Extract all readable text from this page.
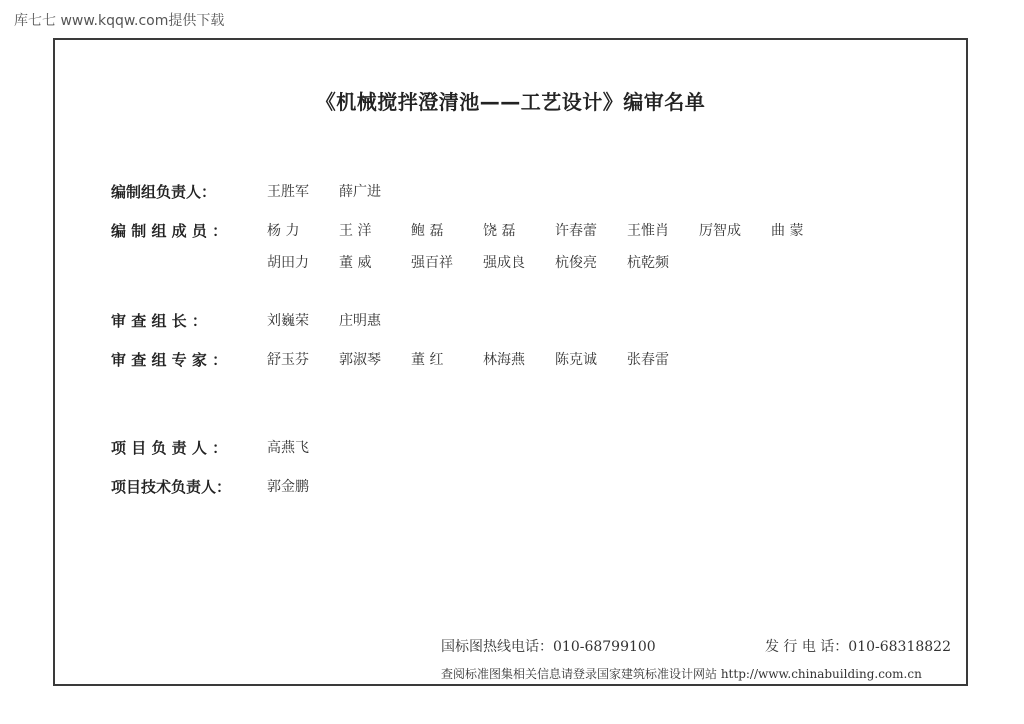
库七七 www.kqqw.com提供下载
《机械搅拌澄清池——工艺设计》编审名单
编制组负责人：	王胜军	薛广进
编 制 组 成 员 ：	杨 力	王 洋	鲍 磊	饶 磊	许春蕾	王惟肖	厉智成	曲 蒙
胡田力	董 威	强百祥	强成良	杭俊亮	杭乾频
审 查 组 长 ：	刘巍荣	庄明惠
审 查 组 专 家 ：	舒玉芬	郭淑琴	董 红	林海燕	陈克诚	张春雷
项 目 负 责 人 ：	高燕飞
项目技术负责人：	郭金鹏
国标图热线电话：010-68799100	发 行 电 话：010-68318822
查阅标准图集相关信息请登录国家建筑标准设计网站 http://www.chinabuilding.com.cn
